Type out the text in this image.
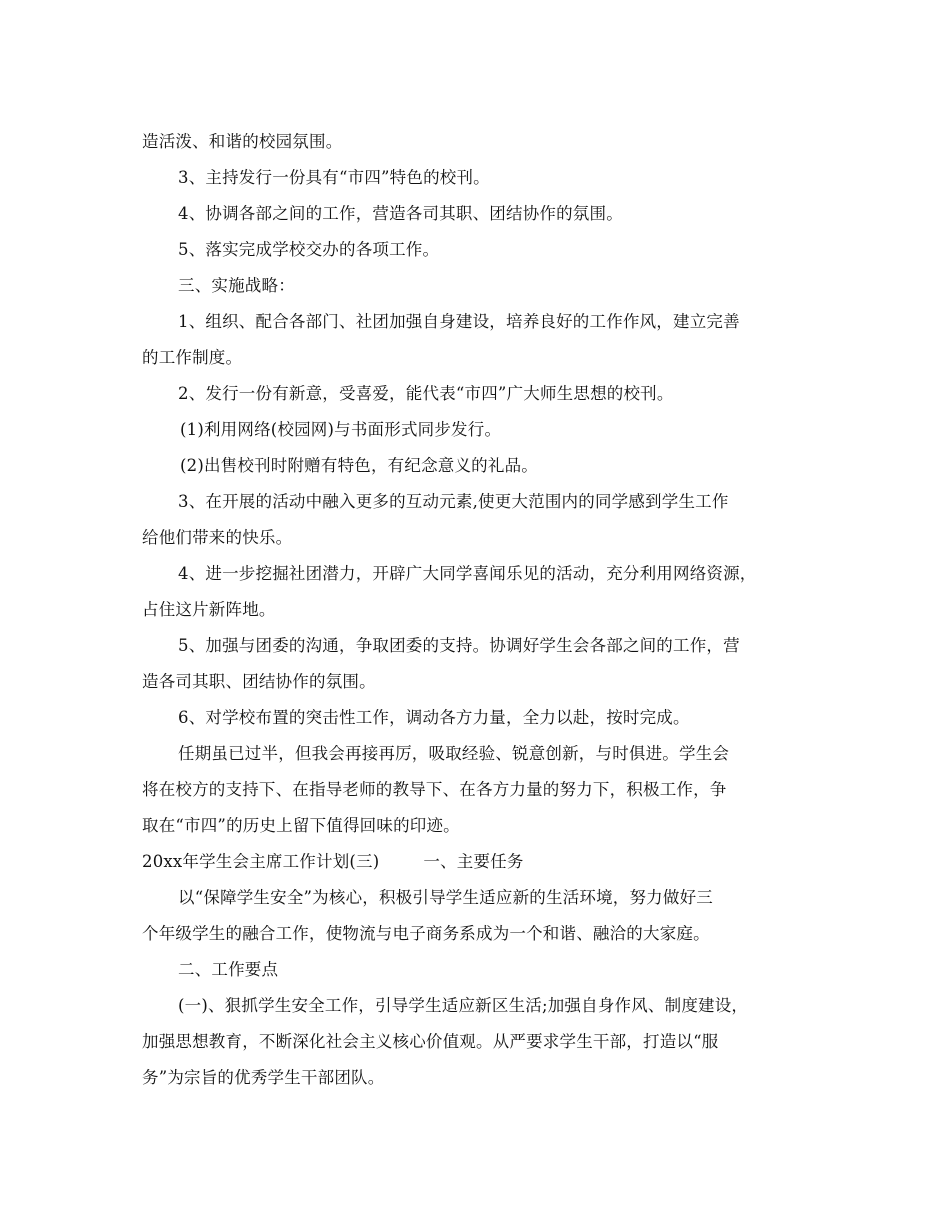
造活泼、和谐的校园氛围。
3、主持发行一份具有“市四”特色的校刊。
4、协调各部之间的工作，营造各司其职、团结协作的氛围。
5、落实完成学校交办的各项工作。
三、实施战略：
1、组织、配合各部门、社团加强自身建设，培养良好的工作作风，建立完善
的工作制度。
2、发行一份有新意，受喜爱，能代表“市四”广大师生思想的校刊。
(1)利用网络(校园网)与书面形式同步发行。
(2)出售校刊时附赠有特色，有纪念意义的礼品。
3、在开展的活动中融入更多的互动元素,使更大范围内的同学感到学生工作
给他们带来的快乐。
4、进一步挖掘社团潜力，开辟广大同学喜闻乐见的活动，充分利用网络资源，
占住这片新阵地。
5、加强与团委的沟通，争取团委的支持。协调好学生会各部之间的工作，营
造各司其职、团结协作的氛围。
6、对学校布置的突击性工作，调动各方力量，全力以赴，按时完成。
任期虽已过半，但我会再接再厉，吸取经验、锐意创新，与时俱进。学生会
将在校方的支持下、在指导老师的教导下、在各方力量的努力下，积极工作，争
取在“市四”的历史上留下值得回味的印迹。
20xx年学生会主席工作计划(三)	一、主要任务
以“保障学生安全”为核心，积极引导学生适应新的生活环境，努力做好三
个年级学生的融合工作，使物流与电子商务系成为一个和谐、融洽的大家庭。
二、工作要点
(一)、狠抓学生安全工作，引导学生适应新区生活;加强自身作风、制度建设，
加强思想教育，不断深化社会主义核心价值观。从严要求学生干部，打造以“服
务”为宗旨的优秀学生干部团队。
